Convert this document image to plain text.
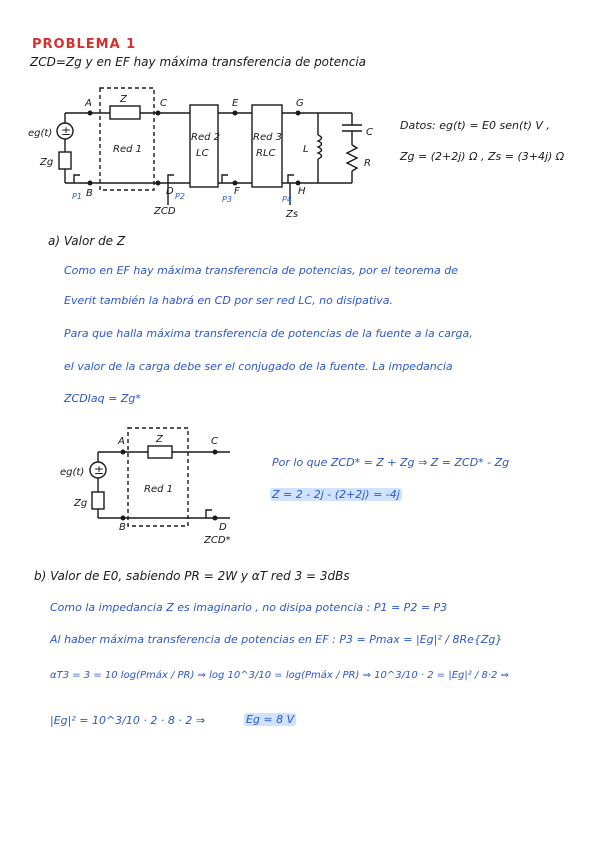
PROBLEMA 1
ZCD=Zg y en EF hay máxima transferencia de potencia
A	C	E	G
B	D	F	H
eg(t)
Zg
Z
Red 1
Red 2
LC
Red 3
RLC	L
C
R
ZCD	Zs
P1	P2	P3	P4
±
A	C
B	D
eg(t)
Zg
Z
Red 1
ZCD*
±
Datos: eg(t) = E0 sen(t) V ,
Zg = (2+2j) Ω , Zs = (3+4j) Ω
a) Valor de Z
Como en EF hay máxima transferencia de potencias, por el teorema de
Everit también la habrá en CD por ser red LC, no disipativa.
Para que halla máxima transferencia de potencias de la fuente a la carga,
el valor de la carga debe ser el conjugado de la fuente. La impedancia
ZCDIaq = Zg*
Por lo que ZCD* = Z + Zg ⇒ Z = ZCD* - Zg
Z = 2 - 2j - (2+2j) = -4j
b) Valor de E0, sabiendo PR = 2W y αT red 3 = 3dBs
Como la impedancia Z es imaginario , no disipa potencia : P1 = P2 = P3
Al haber máxima transferencia de potencias en EF : P3 = Pmax = |Eg|² / 8Re{Zg}
αT3 = 3 = 10 log(Pmáx / PR) ⇒ log 10^3/10 = log(Pmáx / PR) ⇒ 10^3/10 · 2 = |Eg|² / 8·2 ⇒
|Eg|² = 10^3/10 · 2 · 8 · 2 ⇒	Eg ≈ 8 V
